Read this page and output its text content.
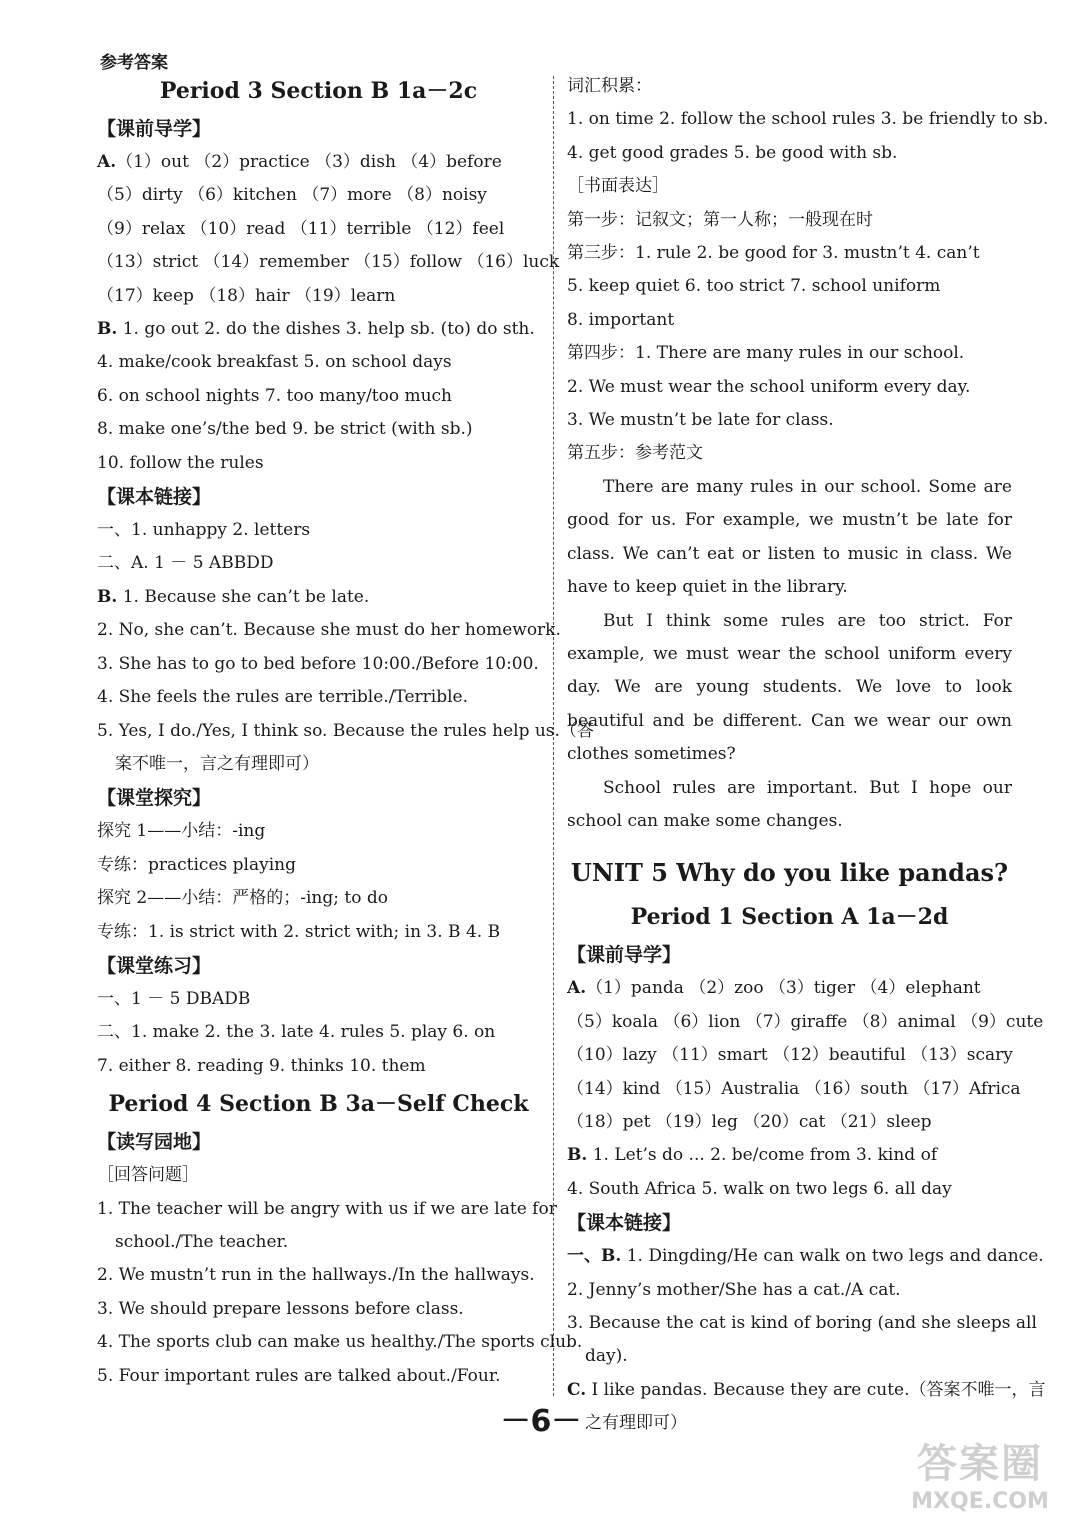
参考答案
Period 3 Section B 1a－2c
【课前导学】
A.（1）out （2）practice （3）dish （4）before
（5）dirty （6）kitchen （7）more （8）noisy
（9）relax （10）read （11）terrible （12）feel
（13）strict （14）remember （15）follow （16）luck
（17）keep （18）hair （19）learn
B. 1. go out 2. do the dishes 3. help sb. (to) do sth.
4. make/cook breakfast 5. on school days
6. on school nights 7. too many/too much
8. make one’s/the bed 9. be strict (with sb.)
10. follow the rules
【课本链接】
一、1. unhappy 2. letters
二、A. 1 － 5 ABBDD
B. 1. Because she can’t be late.
2. No, she can’t. Because she must do her homework.
3. She has to go to bed before 10:00./Before 10:00.
4. She feels the rules are terrible./Terrible.
5. Yes, I do./Yes, I think so. Because the rules help us.（答
案不唯一，言之有理即可）
【课堂探究】
探究 1——小结：-ing
专练：practices playing
探究 2——小结：严格的；-ing; to do
专练：1. is strict with 2. strict with; in 3. B 4. B
【课堂练习】
一、1 － 5 DBADB
二、1. make 2. the 3. late 4. rules 5. play 6. on
7. either 8. reading 9. thinks 10. them
Period 4 Section B 3a－Self Check
【读写园地】
［回答问题］
1. The teacher will be angry with us if we are late for
school./The teacher.
2. We mustn’t run in the hallways./In the hallways.
3. We should prepare lessons before class.
4. The sports club can make us healthy./The sports club.
5. Four important rules are talked about./Four.
词汇积累：
1. on time 2. follow the school rules 3. be friendly to sb.
4. get good grades 5. be good with sb.
［书面表达］
第一步：记叙文；第一人称；一般现在时
第三步：1. rule 2. be good for 3. mustn’t 4. can’t
5. keep quiet 6. too strict 7. school uniform
8. important
第四步：1. There are many rules in our school.
2. We must wear the school uniform every day.
3. We mustn’t be late for class.
第五步：参考范文

There are many rules in our school. Some are good for us. For example, we mustn’t be late for class. We can’t eat or listen to music in class. We have to keep quiet in the library.

But I think some rules are too strict. For example, we must wear the school uniform every day. We are young students. We love to look beautiful and be different. Can we wear our own clothes sometimes?

School rules are important. But I hope our school can make some changes.

UNIT 5 Why do you like pandas?
Period 1 Section A 1a－2d
【课前导学】
A.（1）panda （2）zoo （3）tiger （4）elephant
（5）koala （6）lion （7）giraffe （8）animal （9）cute
（10）lazy （11）smart （12）beautiful （13）scary
（14）kind （15）Australia （16）south （17）Africa
（18）pet （19）leg （20）cat （21）sleep
B. 1. Let’s do ... 2. be/come from 3. kind of
4. South Africa 5. walk on two legs 6. all day
【课本链接】
一、B. 1. Dingding/He can walk on two legs and dance.
2. Jenny’s mother/She has a cat./A cat.
3. Because the cat is kind of boring (and she sleeps all
day).
C. I like pandas. Because they are cute.（答案不唯一，言
之有理即可）
－6－
答案圈
MXQE.COM
